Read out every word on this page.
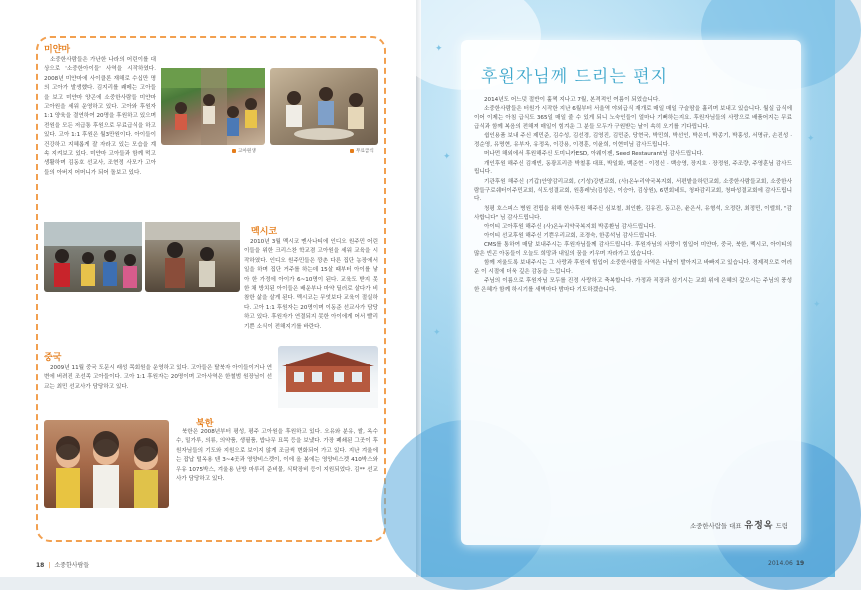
미얀마
소중한사람들은 가난한 나라의 어린이를 대상으로 '소중한아이들' 사역을 시작하였다. 2008년 미얀마에 사이클론 재해로 수십만 명의 고아가 발생했다. 김지리를 쾌메는 고아들을 보고 미얀마 양곤에 소중한사람들 미얀마 고아원을 세워 운영하고 있다. 고아와 후원자 1:1 양육을 결연하여 20명을 후원하고 있으며 전원을 모든 저급통 후원으로 무료급식을 하고 있다. 고아 1:1 후원은 월3만원이다. 아이들이 건강하고 지혜롭게 잘 자라고 있는 모습을 계속 지켜보고 있다. 미얀마 고아들과 함께 먹고 생활하며 김동호 선교사, 조현정 사모가 고아들의 아버지 어머니가 되어 돌보고 있다.
고아원생	무료급식
멕시코
2010년 3월 멕시코 멘사나티에 인디오 원주민 어린이들을 위한 크리스찬 학교겸 고아원을 세워 교육을 시작하였다. 인디오 원주민들은 깡촌 다른 집단 농장에서 일을 하며 집단 거주를 하는데 15살 때부터 아이를 낳아 한 가정에 아이가 6~10명이 된다. 교육도 받지 못한 채 방치된 아이들은 배운부나 마약 딜러로 살다가 비참한 삶을 살게 된다. 멕시코는 무엇보다 교육이 절실하다. 고아 1:1 후원자는 20명이며 이동준 선교사가 담당하고 있다. 후원자가 연결되지 못한 아이에게 어서 빨리 기쁜 소식이 전해지기를 바란다.
중국
2009년 11월 중국 도문시 래성 목회원을 운영하고 있다. 고아들은 탈북자 아이들이거나 연변에 버려진 조선족 고아들이다. 고아 1:1 후원자는 20명이며 고아사역은 한철범 원장님이 선교는 최민 선교사가 담당하고 있다.
북한
북한은 2008년부터 평성, 평주 고아원을 후원하고 있다. 오유와 분유, 쌀, 옥수수, 밀가루, 의류, 의약품, 생필품, 밥나무 묘목 등을 보냈다. 가장 폐쇄된 그곳이 후원자님들의 기도와 지원으로 보이지 않게 조금씩 변화되어 가고 있다. 지난 겨울에는 잡납 털옥용 텐 3~4곳과 영양비스켓이, 이에 올 봄에는 영양비스켓 410박스와 우유 1075박스, 겨울용 난방 마루리 준비물, 식탁장비 등이 지원되었다. 김** 선교사가 담당하고 있다.
18 | 소중한사람들
✦
✦
✦
✦
✦
후원자님께 드리는 편지

2014년도 어느덧 절반이 훌쩍 지나고 7월, 본격적인 여름이 되었습니다.

소중한사람들은 터원가 시작한 지난 6월부터 서울역 야외급식 재개로 매일 매일 구슬땀을 흘리며 보내고 있습니다. 월실 급식에 이어 이제는 아침 급식도 365일 매일 줄 수 있게 되니 노숙인들이 얼마나 기뻐하는지요. 후원자님들의 사랑으로 배품어지는 무료 급식과 함께 복음의 전해져 매일이 힘겨운 그 분들 모두가 구원받는 날이 속히 오기를 기다립니다.

쉽인용품 보내 주신 제민준, 김수성, 김선경, 김영진, 김민준, 당현국, 박민희, 박선인, 박은미, 박종기, 박홍성, 서명규, 손진성 · 정순영, 유명현, 유부자, 유정옥, 이강용, 이경훈, 이윤희, 이현미님 감사드립니다.

머나먼 해외에서 후원해주신 도미니카ESD, 아웨이젠, Seed Restaurant님 감사드립니다.

개인후원 해주신 김재빈, 동광프리즘 박철홍 대표, 박일화, 백준현 · 이정신 · 백승영, 장지호 · 장정원, 주조량, 주영훈님 감사드립니다.

기관후원 해주신 (기갑)안양감리교회, (기성)강변교회, (사)온누리약국복지회, 서편밭을하던교회, 소중한사람들교회, 소중한사람들구로쉐터이주민교회, 식도성결교회, 원흥레닛(김성은, 이승아, 김상원), 6번회네트, 청파감리교회, 청파성결교회에 감사드립니다.

청평 호스피스 병원 전립을 위해 헌사후원 해주신 심보철, 최인환, 김유진, 동고은, 윤은서, 유형석, 오정란, 최정민, 이엘희, "감사합니다" 님 감사드립니다.

아이티 고아후원 해주신 (사)온누리약국복지회 박종환님 감사드립니다.

아이티 선교후원 해주신 기쁜우리교회, 조경숙, 한종석님 감사드립니다.

CMS를 통하여 매달 보내주시는 후원자님들께 감사드립니다. 후원자님의 사랑이 힘입어 미얀마, 중국, 북한, 멕시코, 아이티의 많은 빈곤 아동들이 오늘도 희망과 내일의 꿈을 키우며 자라가고 있습니다.

함께 저울도록 보내주시는 그 사랑과 후원에 힘입어 소중한사람들 사역은 나날이 발아지고 바빠지고 있습니다. 경제적으로 여러운 이 시절에 더욱 깊은 감동을 느낍니다.

주님의 이름으로 후원자님 모두를 진정 사랑하고 축복합니다. 가정과 직장과 섬기시는 교회 위에 은혜의 갚으시는 주님의 풍성한 은혜가 함께 하시기를 새벽마다 밤마다 기도하겠습니다.

소중한사람들 대표 유정옥 드림
2014.06 19
